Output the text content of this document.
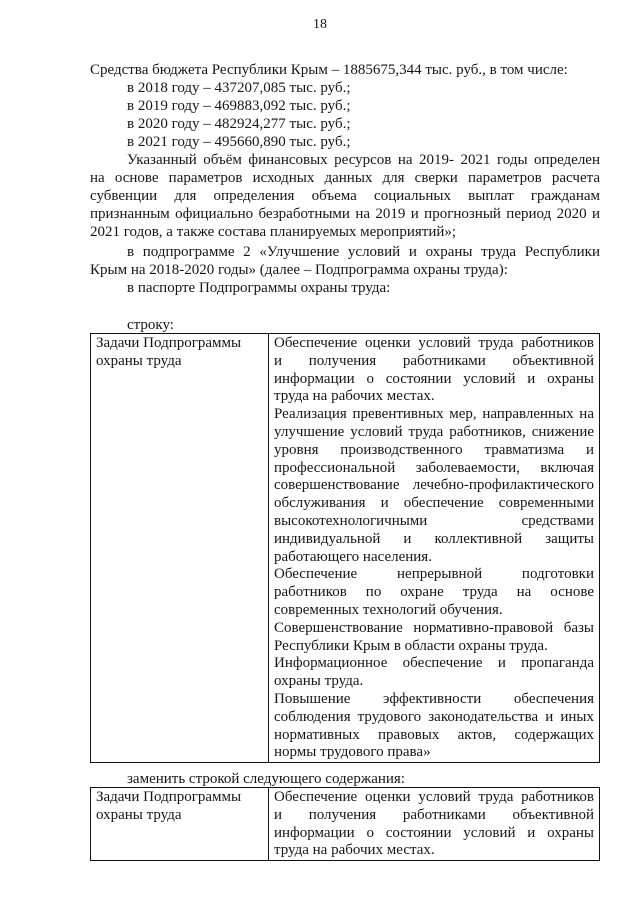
18
Средства бюджета Республики Крым – 1885675,344 тыс. руб., в том числе:
в 2018 году – 437207,085 тыс. руб.;
в 2019 году – 469883,092 тыс. руб.;
в 2020 году – 482924,277 тыс. руб.;
в 2021 году – 495660,890 тыс. руб.;
Указанный объём финансовых ресурсов на 2019- 2021 годы определен
на основе параметров исходных данных для сверки параметров расчета
субвенции для определения объема социальных выплат гражданам
признанным официально безработными на 2019 и прогнозный период 2020 и
2021 годов, а также состава планируемых мероприятий»;
в подпрограмме 2 «Улучшение условий и охраны труда Республики
Крым на 2018-2020 годы» (далее – Подпрограмма охраны труда):
в паспорте Подпрограммы охраны труда:
строку:
Задачи Подпрограммы
охраны труда
Обеспечение оценки условий труда работников
и получения работниками объективной
информации о состоянии условий и охраны
труда на рабочих местах.
Реализация превентивных мер, направленных на
улучшение условий труда работников, снижение
уровня производственного травматизма и
профессиональной заболеваемости, включая
совершенствование лечебно-профилактического
обслуживания и обеспечение современными
высокотехнологичными средствами
индивидуальной и коллективной защиты
работающего населения.
Обеспечение непрерывной подготовки
работников по охране труда на основе
современных технологий обучения.
Совершенствование нормативно-правовой базы
Республики Крым в области охраны труда.
Информационное обеспечение и пропаганда
охраны труда.
Повышение эффективности обеспечения
соблюдения трудового законодательства и иных
нормативных правовых актов, содержащих
нормы трудового права»
заменить строкой следующего содержания:
Задачи Подпрограммы
охраны труда
Обеспечение оценки условий труда работников
и получения работниками объективной
информации о состоянии условий и охраны
труда на рабочих местах.
